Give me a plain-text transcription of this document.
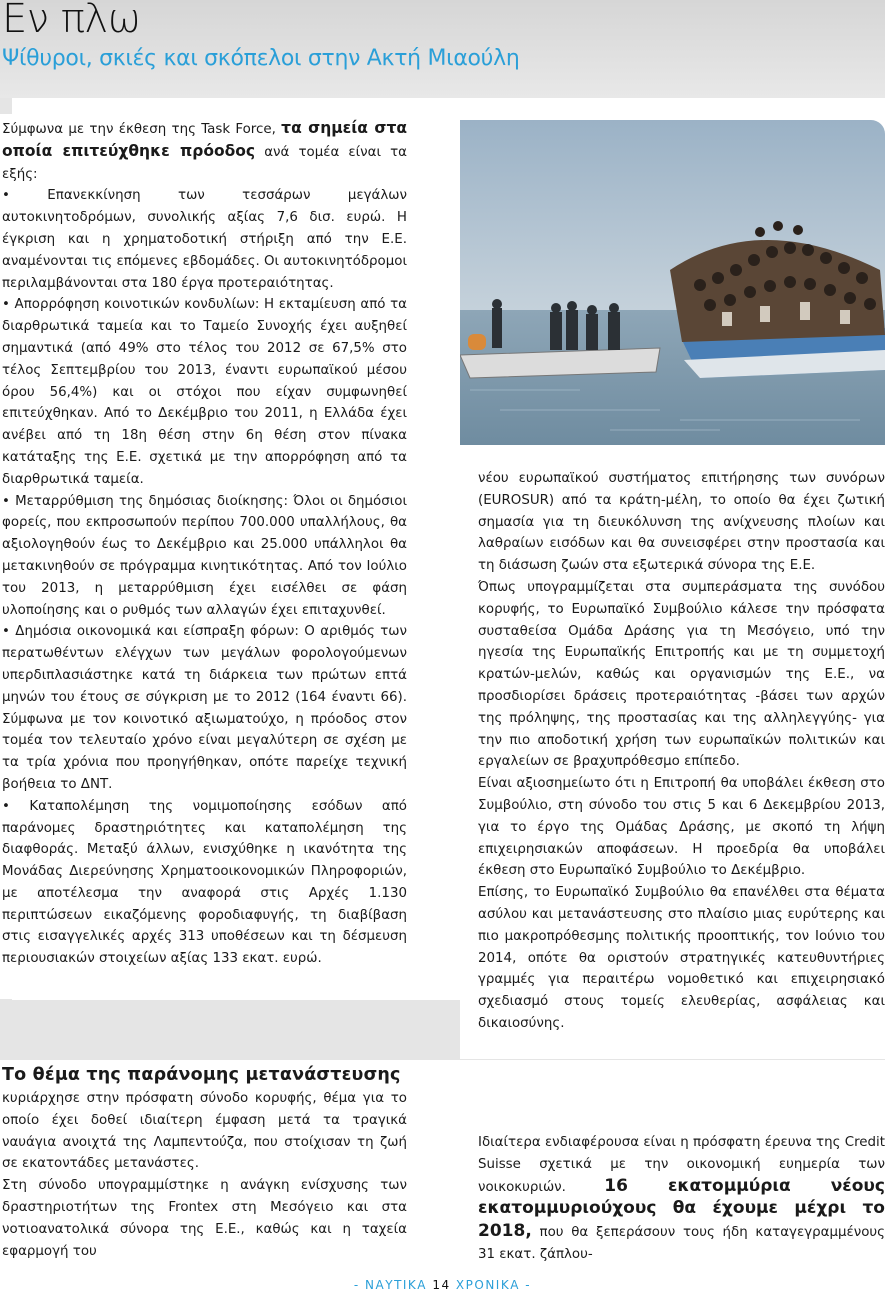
Εν πλω
Ψίθυροι, σκιές και σκόπελοι στην Ακτή Μιαούλη

Σύμφωνα με την έκθεση της Task Force, τα σημεία στα οποία επιτεύχθηκε πρόοδος ανά τομέα είναι τα εξής:

• Επανεκκίνηση των τεσσάρων μεγάλων αυτοκινητοδρόμων, συνολικής αξίας 7,6 δισ. ευρώ. Η έγκριση και η χρηματοδοτική στήριξη από την Ε.Ε. αναμένονται τις επόμενες εβδομάδες. Οι αυτοκινητόδρομοι περιλαμβάνονται στα 180 έργα προτεραιότητας.

• Απορρόφηση κοινοτικών κονδυλίων: Η εκταμίευση από τα διαρθρωτικά ταμεία και το Ταμείο Συνοχής έχει αυξηθεί σημαντικά (από 49% στο τέλος του 2012 σε 67,5% στο τέλος Σεπτεμβρίου του 2013, έναντι ευρωπαϊκού μέσου όρου 56,4%) και οι στόχοι που είχαν συμφωνηθεί επιτεύχθηκαν. Από το Δεκέμβριο του 2011, η Ελλάδα έχει ανέβει από τη 18η θέση στην 6η θέση στον πίνακα κατάταξης της Ε.Ε. σχετικά με την απορρόφηση από τα διαρθρωτικά ταμεία.

• Μεταρρύθμιση της δημόσιας διοίκησης: Όλοι οι δημόσιοι φορείς, που εκπροσωπούν περίπου 700.000 υπαλλήλους, θα αξιολογηθούν έως το Δεκέμβριο και 25.000 υπάλληλοι θα μετακινηθούν σε πρόγραμμα κινητικότητας. Από τον Ιούλιο του 2013, η μεταρρύθμιση έχει εισέλθει σε φάση υλοποίησης και ο ρυθμός των αλλαγών έχει επιταχυνθεί.

• Δημόσια οικονομικά και είσπραξη φόρων: Ο αριθμός των περατωθέντων ελέγχων των μεγάλων φορολογούμενων υπερδιπλασιάστηκε κατά τη διάρκεια των πρώτων επτά μηνών του έτους σε σύγκριση με το 2012 (164 έναντι 66). Σύμφωνα με τον κοινοτικό αξιωματούχο, η πρόοδος στον τομέα τον τελευταίο χρόνο είναι μεγαλύτερη σε σχέση με τα τρία χρόνια που προηγήθηκαν, οπότε παρείχε τεχνική βοήθεια το ΔΝΤ.

• Καταπολέμηση της νομιμοποίησης εσόδων από παράνομες δραστηριότητες και καταπολέμηση της διαφθοράς. Μεταξύ άλλων, ενισχύθηκε η ικανότητα της Μονάδας Διερεύνησης Χρηματοοικονομικών Πληροφοριών, με αποτέλεσμα την αναφορά στις Αρχές 1.130 περιπτώσεων εικαζόμενης φοροδιαφυγής, τη διαβίβαση στις εισαγγελικές αρχές 313 υποθέσεων και τη δέσμευση περιουσιακών στοιχείων αξίας 133 εκατ. ευρώ.

νέου ευρωπαϊκού συστήματος επιτήρησης των συνόρων (EUROSUR) από τα κράτη-μέλη, το οποίο θα έχει ζωτική σημασία για τη διευκόλυνση της ανίχνευσης πλοίων και λαθραίων εισόδων και θα συνεισφέρει στην προστασία και τη διάσωση ζωών στα εξωτερικά σύνορα της Ε.Ε.

Όπως υπογραμμίζεται στα συμπεράσματα της συνόδου κορυφής, το Ευρωπαϊκό Συμβούλιο κάλεσε την πρόσφατα συσταθείσα Ομάδα Δράσης για τη Μεσόγειο, υπό την ηγεσία της Ευρωπαϊκής Επιτροπής και με τη συμμετοχή κρατών-μελών, καθώς και οργανισμών της Ε.Ε., να προσδιορίσει δράσεις προτεραιότητας -βάσει των αρχών της πρόληψης, της προστασίας και της αλληλεγγύης- για την πιο αποδοτική χρήση των ευρωπαϊκών πολιτικών και εργαλείων σε βραχυπρόθεσμο επίπεδο.

Είναι αξιοσημείωτο ότι η Επιτροπή θα υποβάλει έκθεση στο Συμβούλιο, στη σύνοδο του στις 5 και 6 Δεκεμβρίου 2013, για το έργο της Ομάδας Δράσης, με σκοπό τη λήψη επιχειρησιακών αποφάσεων. Η προεδρία θα υποβάλει έκθεση στο Ευρωπαϊκό Συμβούλιο το Δεκέμβριο.

Επίσης, το Ευρωπαϊκό Συμβούλιο θα επανέλθει στα θέματα ασύλου και μετανάστευσης στο πλαίσιο μιας ευρύτερης και πιο μακροπρόθεσμης πολιτικής προοπτικής, τον Ιούνιο του 2014, οπότε θα οριστούν στρατηγικές κατευθυντήριες γραμμές για περαιτέρω νομοθετικό και επιχειρησιακό σχεδιασμό στους τομείς ελευθερίας, ασφάλειας και δικαιοσύνης.

Το θέμα της παράνομης μετανάστευσης

κυριάρχησε στην πρόσφατη σύνοδο κορυφής, θέμα για το οποίο έχει δοθεί ιδιαίτερη έμφαση μετά τα τραγικά ναυάγια ανοιχτά της Λαμπεντούζα, που στοίχισαν τη ζωή σε εκατοντάδες μετανάστες.

Στη σύνοδο υπογραμμίστηκε η ανάγκη ενίσχυσης των δραστηριοτήτων της Frontex στη Μεσόγειο και στα νοτιοανατολικά σύνορα της Ε.Ε., καθώς και η ταχεία εφαρμογή του

Ιδιαίτερα ενδιαφέρουσα είναι η πρόσφατη έρευνα της Credit Suisse σχετικά με την οικονομική ευημερία των νοικοκυριών. 16 εκατομμύρια νέους εκατομμυριούχους θα έχουμε μέχρι το 2018, που θα ξεπεράσουν τους ήδη καταγεγραμμένους 31 εκατ. ζάπλου-

- ΝΑΥΤΙΚΑ 14 ΧΡΟΝΙΚΑ -
